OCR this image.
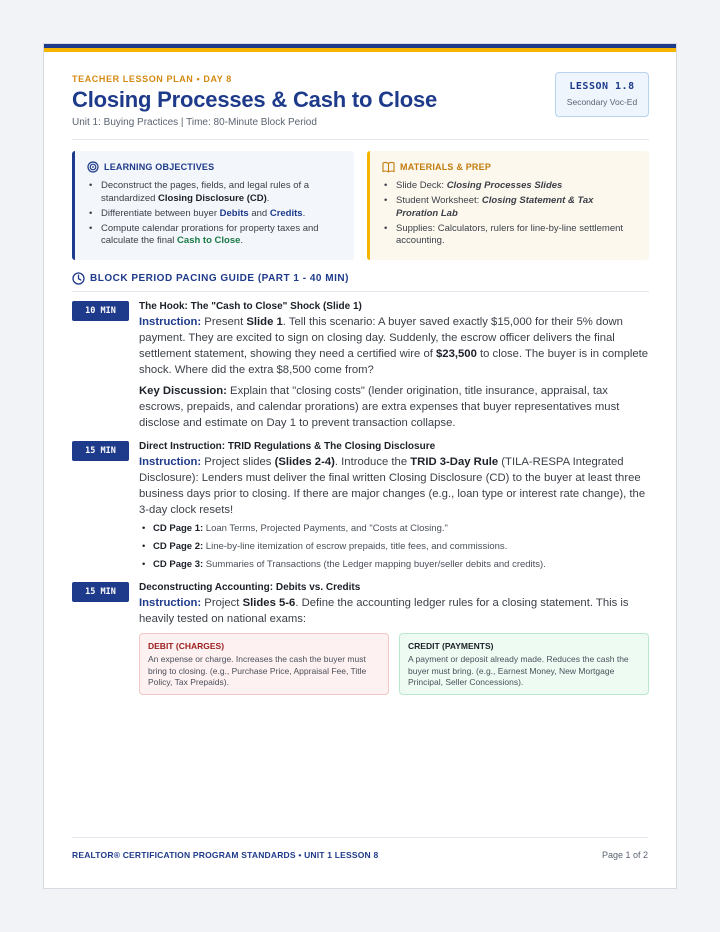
TEACHER LESSON PLAN • DAY 8
Closing Processes & Cash to Close
Unit 1: Buying Practices | Time: 80-Minute Block Period
LESSON 1.8
Secondary Voc-Ed
LEARNING OBJECTIVES
• Deconstruct the pages, fields, and legal rules of a standardized Closing Disclosure (CD).
• Differentiate between buyer Debits and Credits.
• Compute calendar prorations for property taxes and calculate the final Cash to Close.
MATERIALS & PREP
• Slide Deck: Closing Processes Slides
• Student Worksheet: Closing Statement & Tax Proration Lab
• Supplies: Calculators, rulers for line-by-line settlement accounting.
BLOCK PERIOD PACING GUIDE (PART 1 - 40 MIN)
10 MIN	The Hook: The "Cash to Close" Shock (Slide 1)
Instruction: Present Slide 1. Tell this scenario: A buyer saved exactly $15,000 for their 5% down payment. They are excited to sign on closing day. Suddenly, the escrow officer delivers the final settlement statement, showing they need a certified wire of $23,500 to close. The buyer is in complete shock. Where did the extra $8,500 come from?
Key Discussion: Explain that "closing costs" (lender origination, title insurance, appraisal, tax escrows, prepaids, and calendar prorations) are extra expenses that buyer representatives must disclose and estimate on Day 1 to prevent transaction collapse.
15 MIN	Direct Instruction: TRID Regulations & The Closing Disclosure
Instruction: Project slides (Slides 2-4). Introduce the TRID 3-Day Rule (TILA-RESPA Integrated Disclosure): Lenders must deliver the final written Closing Disclosure (CD) to the buyer at least three business days prior to closing. If there are major changes (e.g., loan type or interest rate change), the 3-day clock resets!
• CD Page 1: Loan Terms, Projected Payments, and "Costs at Closing."
• CD Page 2: Line-by-line itemization of escrow prepaids, title fees, and commissions.
• CD Page 3: Summaries of Transactions (the Ledger mapping buyer/seller debits and credits).
15 MIN	Deconstructing Accounting: Debits vs. Credits
Instruction: Project Slides 5-6. Define the accounting ledger rules for a closing statement. This is heavily tested on national exams:
DEBIT (CHARGES)
An expense or charge. Increases the cash the buyer must bring to closing. (e.g., Purchase Price, Appraisal Fee, Title Policy, Tax Prepaids).
CREDIT (PAYMENTS)
A payment or deposit already made. Reduces the cash the buyer must bring. (e.g., Earnest Money, New Mortgage Principal, Seller Concessions).
REALTOR® CERTIFICATION PROGRAM STANDARDS • UNIT 1 LESSON 8	Page 1 of 2
